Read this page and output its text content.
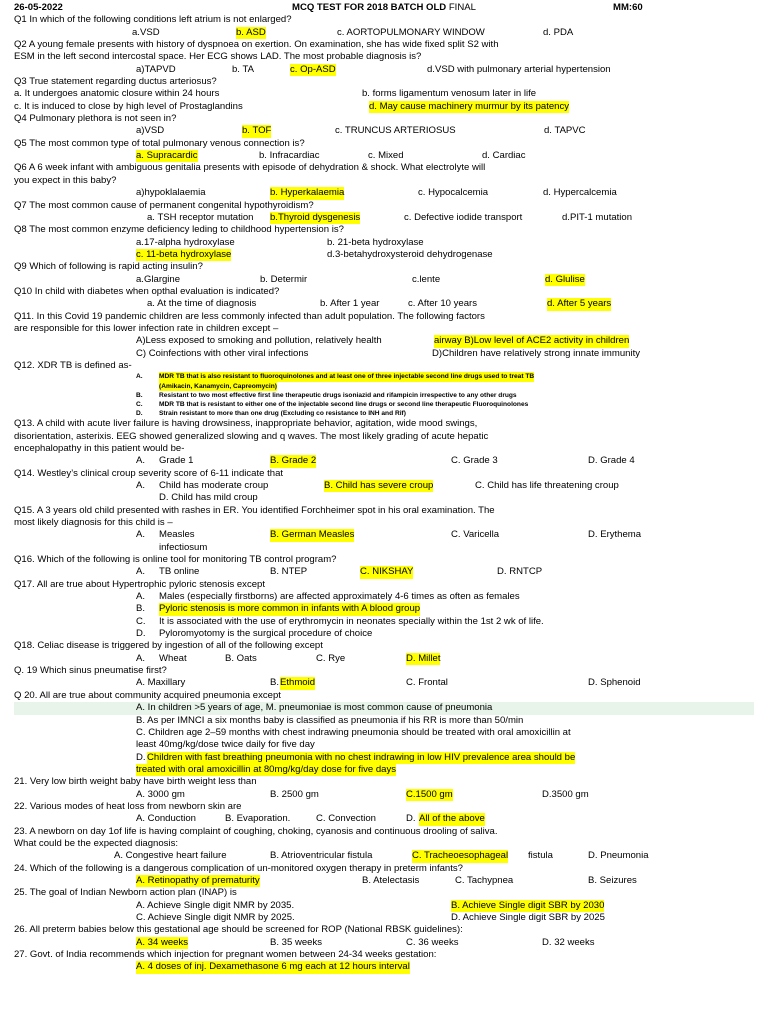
26-05-2022	MCQ TEST FOR 2018 BATCH OLD FINAL	MM:60
Q1 In which of the following conditions left atrium is not enlarged?
a.VSD	b. ASD	c. AORTOPULMONARY WINDOW	d. PDA
Q2 A young female presents with history of dyspnoea on exertion. On examination, she has wide fixed split S2 with
ESM in the left second intercostal space. Her ECG shows LAD. The most probable diagnosis is?
a)TAPVD	b. TA	c. Op-ASD	d.VSD with pulmonary arterial hypertension
Q3 True statement regarding ductus arteriosus?
a. It undergoes anatomic closure within 24 hours	b. forms ligamentum venosum later in life
c. It is induced to close by high level of Prostaglandins	d. May cause machinery murmur by its patency
Q4 Pulmonary plethora is not seen in?
a)VSD	b. TOF	c. TRUNCUS ARTERIOSUS	d. TAPVC
Q5 The most common type of total pulmonary venous connection is?
a. Supracardic	b. Infracardiac	c. Mixed	d. Cardiac
Q6 A 6 week infant with ambiguous genitalia presents with episode of dehydration & shock. What electrolyte will
you expect in this baby?
a)hypoklalaemia	b. Hyperkalaemia	c. Hypocalcemia	d. Hypercalcemia
Q7 The most common cause of permanent congenital hypothyroidism?
a. TSH receptor mutation b.Thyroid dysgenesis	c. Defective iodide transport	d.PIT-1 mutation
Q8 The most common enzyme deficiency leding to childhood hypertension is?
a.17-alpha hydroxylase	b. 21-beta hydroxylase
c. 11-beta hydroxylase	d.3-betahydroxysteroid dehydrogenase
Q9 Which of following is rapid acting insulin?
a.Glargine	b. Determir	c.lente	d. Glulise
Q10 In child with diabetes when opthal evaluation is indicated?
a. At the time of diagnosis	b. After 1 year	c. After 10 years	d. After 5 years
Q11. In this Covid 19 pandemic children are less commonly infected than adult population. The following factors
are responsible for this lower infection rate in children except –
A)Less exposed to smoking and pollution, relatively health	airway B)Low level of ACE2 activity in children
C) Coinfections with other viral infections	D)Children have relatively strong innate immunity
Q12. XDR TB is defined as-
A. MDR TB that is also resistant to fluoroquinolones and at least one of three injectable second line drugs used to treat TB
(Amikacin, Kanamycin, Capreomycin)
B. Resistant to two most effective first line therapeutic drugs isoniazid and rifampicin irrespective to any other drugs
C. MDR TB that is resistant to either one of the injectable second line drugs or second line therapeutic Fluoroquinolones
D. Strain resistant to more than one drug (Excluding co resistance to INH and Rif)
Q13. A child with acute liver failure is having drowsiness, inappropriate behavior, agitation, wide mood swings,
disorientation, asterixis. EEG showed generalized slowing and q waves. The most likely grading of acute hepatic
encephalopathy in this patient would be-
A. Grade 1	B. Grade 2	C. Grade 3	D. Grade 4
Q14. Westley’s clinical croup severity score of 6-11 indicate that
A. Child has moderate croup	B. Child has severe croup	C. Child has life threatening croup
D. Child has mild croup
Q15. A 3 years old child presented with rashes in ER. You identified Forchheimer spot in his oral examination. The
most likely diagnosis for this child is –
A. Measles	B. German Measles	C. Varicella	D. Erythema
infectiosum
Q16. Which of the following is online tool for monitoring TB control program?
A. TB online	B. NTEP	C. NIKSHAY	D. RNTCP
Q17. All are true about Hypertrophic pyloric stenosis except
A. Males (especially firstborns) are affected approximately 4-6 times as often as females
B. Pyloric stenosis is more common in infants with A blood group
C. It is associated with the use of erythromycin in neonates specially within the 1st 2 wk of life.
D. Pyloromyotomy is the surgical procedure of choice
Q18. Celiac disease is triggered by ingestion of all of the following except
A. Wheat	B. Oats	C. Rye	D. Millet
Q. 19 Which sinus pneumatise first?
A. Maxillary	B. Ethmoid	C. Frontal	D. Sphenoid
Q 20. All are true about community acquired pneumonia except
A. In children >5 years of age, M. pneumoniae is most common cause of pneumonia
B. As per IMNCI a six months baby is classified as pneumonia if his RR is more than 50/min
C. Children age 2–59 months with chest indrawing pneumonia should be treated with oral amoxicillin at
least 40mg/kg/dose twice daily for five day
D. Children with fast breathing pneumonia with no chest indrawing in low HIV prevalence area should be
treated with oral amoxicillin at 80mg/kg/day dose for five days
21. Very low birth weight baby have birth weight less than
A. 3000 gm	B. 2500 gm	C.1500 gm	D.3500 gm
22. Various modes of heat loss from newborn skin are
A. Conduction	B. Evaporation.	C. Convection	D. All of the above
23. A newborn on day 1of life is having complaint of coughing, choking, cyanosis and continuous drooling of saliva.
What could be the expected diagnosis:
A. Congestive heart failure	B. Atrioventricular fistula	C. Tracheoesophageal fistula	D. Pneumonia
24. Which of the following is a dangerous complication of un-monitored oxygen therapy in preterm infants?
A. Retinopathy of prematurity	B. Atelectasis	C. Tachypnea	B. Seizures
25. The goal of Indian Newborn action plan (INAP) is
A. Achieve Single digit NMR by 2035.	B. Achieve Single digit SBR by 2030
C. Achieve Single digit NMR by 2025.	D. Achieve Single digit SBR by 2025
26. All preterm babies below this gestational age should be screened for ROP (National RBSK guidelines):
A. 34 weeks	B. 35 weeks	C. 36 weeks	D. 32 weeks
27. Govt. of India recommends which injection for pregnant women between 24-34 weeks gestation:
A. 4 doses of inj. Dexamethasone 6 mg each at 12 hours interval
